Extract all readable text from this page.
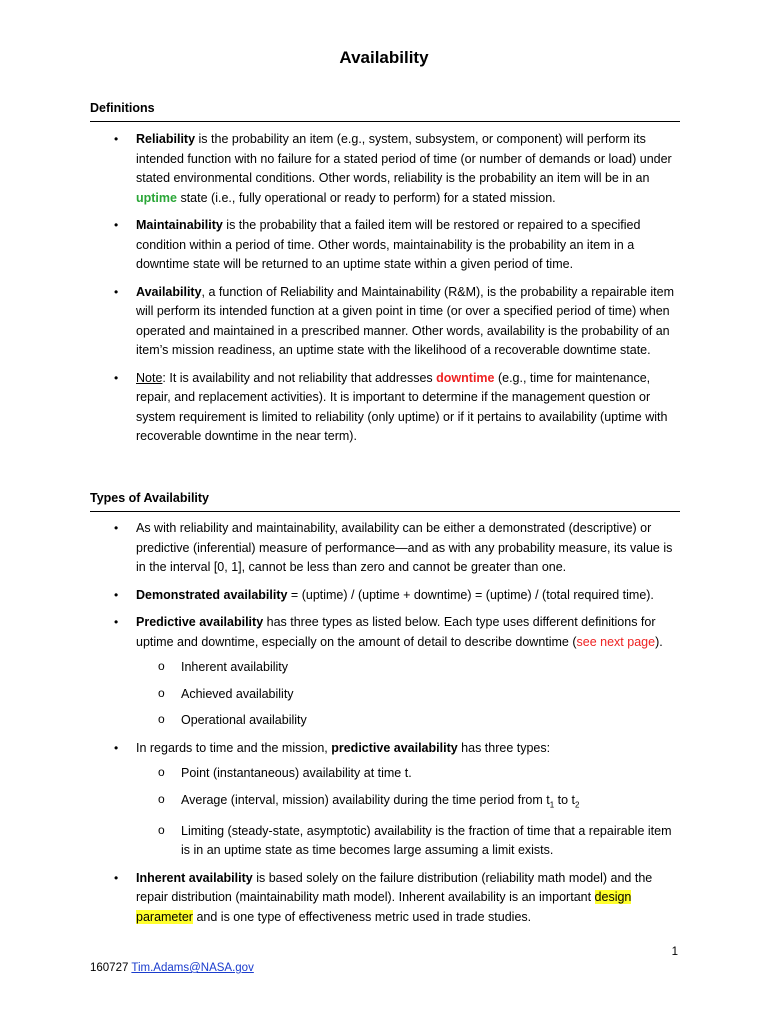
Availability
Definitions
• Reliability is the probability an item (e.g., system, subsystem, or component) will perform its intended function with no failure for a stated period of time (or number of demands or load) under stated environmental conditions. Other words, reliability is the probability an item will be in an uptime state (i.e., fully operational or ready to perform) for a stated mission.
• Maintainability is the probability that a failed item will be restored or repaired to a specified condition within a period of time. Other words, maintainability is the probability an item in a downtime state will be returned to an uptime state within a given period of time.
• Availability, a function of Reliability and Maintainability (R&M), is the probability a repairable item will perform its intended function at a given point in time (or over a specified period of time) when operated and maintained in a prescribed manner. Other words, availability is the probability of an item’s mission readiness, an uptime state with the likelihood of a recoverable downtime state.
• Note: It is availability and not reliability that addresses downtime (e.g., time for maintenance, repair, and replacement activities). It is important to determine if the management question or system requirement is limited to reliability (only uptime) or if it pertains to availability (uptime with recoverable downtime in the near term).
Types of Availability
• As with reliability and maintainability, availability can be either a demonstrated (descriptive) or predictive (inferential) measure of performance—and as with any probability measure, its value is in the interval [0, 1], cannot be less than zero and cannot be greater than one.
• Demonstrated availability = (uptime) / (uptime + downtime) = (uptime) / (total required time).
• Predictive availability has three types as listed below. Each type uses different definitions for uptime and downtime, especially on the amount of detail to describe downtime (see next page).
o Inherent availability
o Achieved availability
o Operational availability
• In regards to time and the mission, predictive availability has three types:
o Point (instantaneous) availability at time t.
o Average (interval, mission) availability during the time period from $t_1$ to $t_2$
o Limiting (steady-state, asymptotic) availability is the fraction of time that a repairable item is in an uptime state as time becomes large assuming a limit exists.
• Inherent availability is based solely on the failure distribution (reliability math model) and the repair distribution (maintainability math model). Inherent availability is an important design parameter and is one type of effectiveness metric used in trade studies.
1
160727 Tim.Adams@NASA.gov
